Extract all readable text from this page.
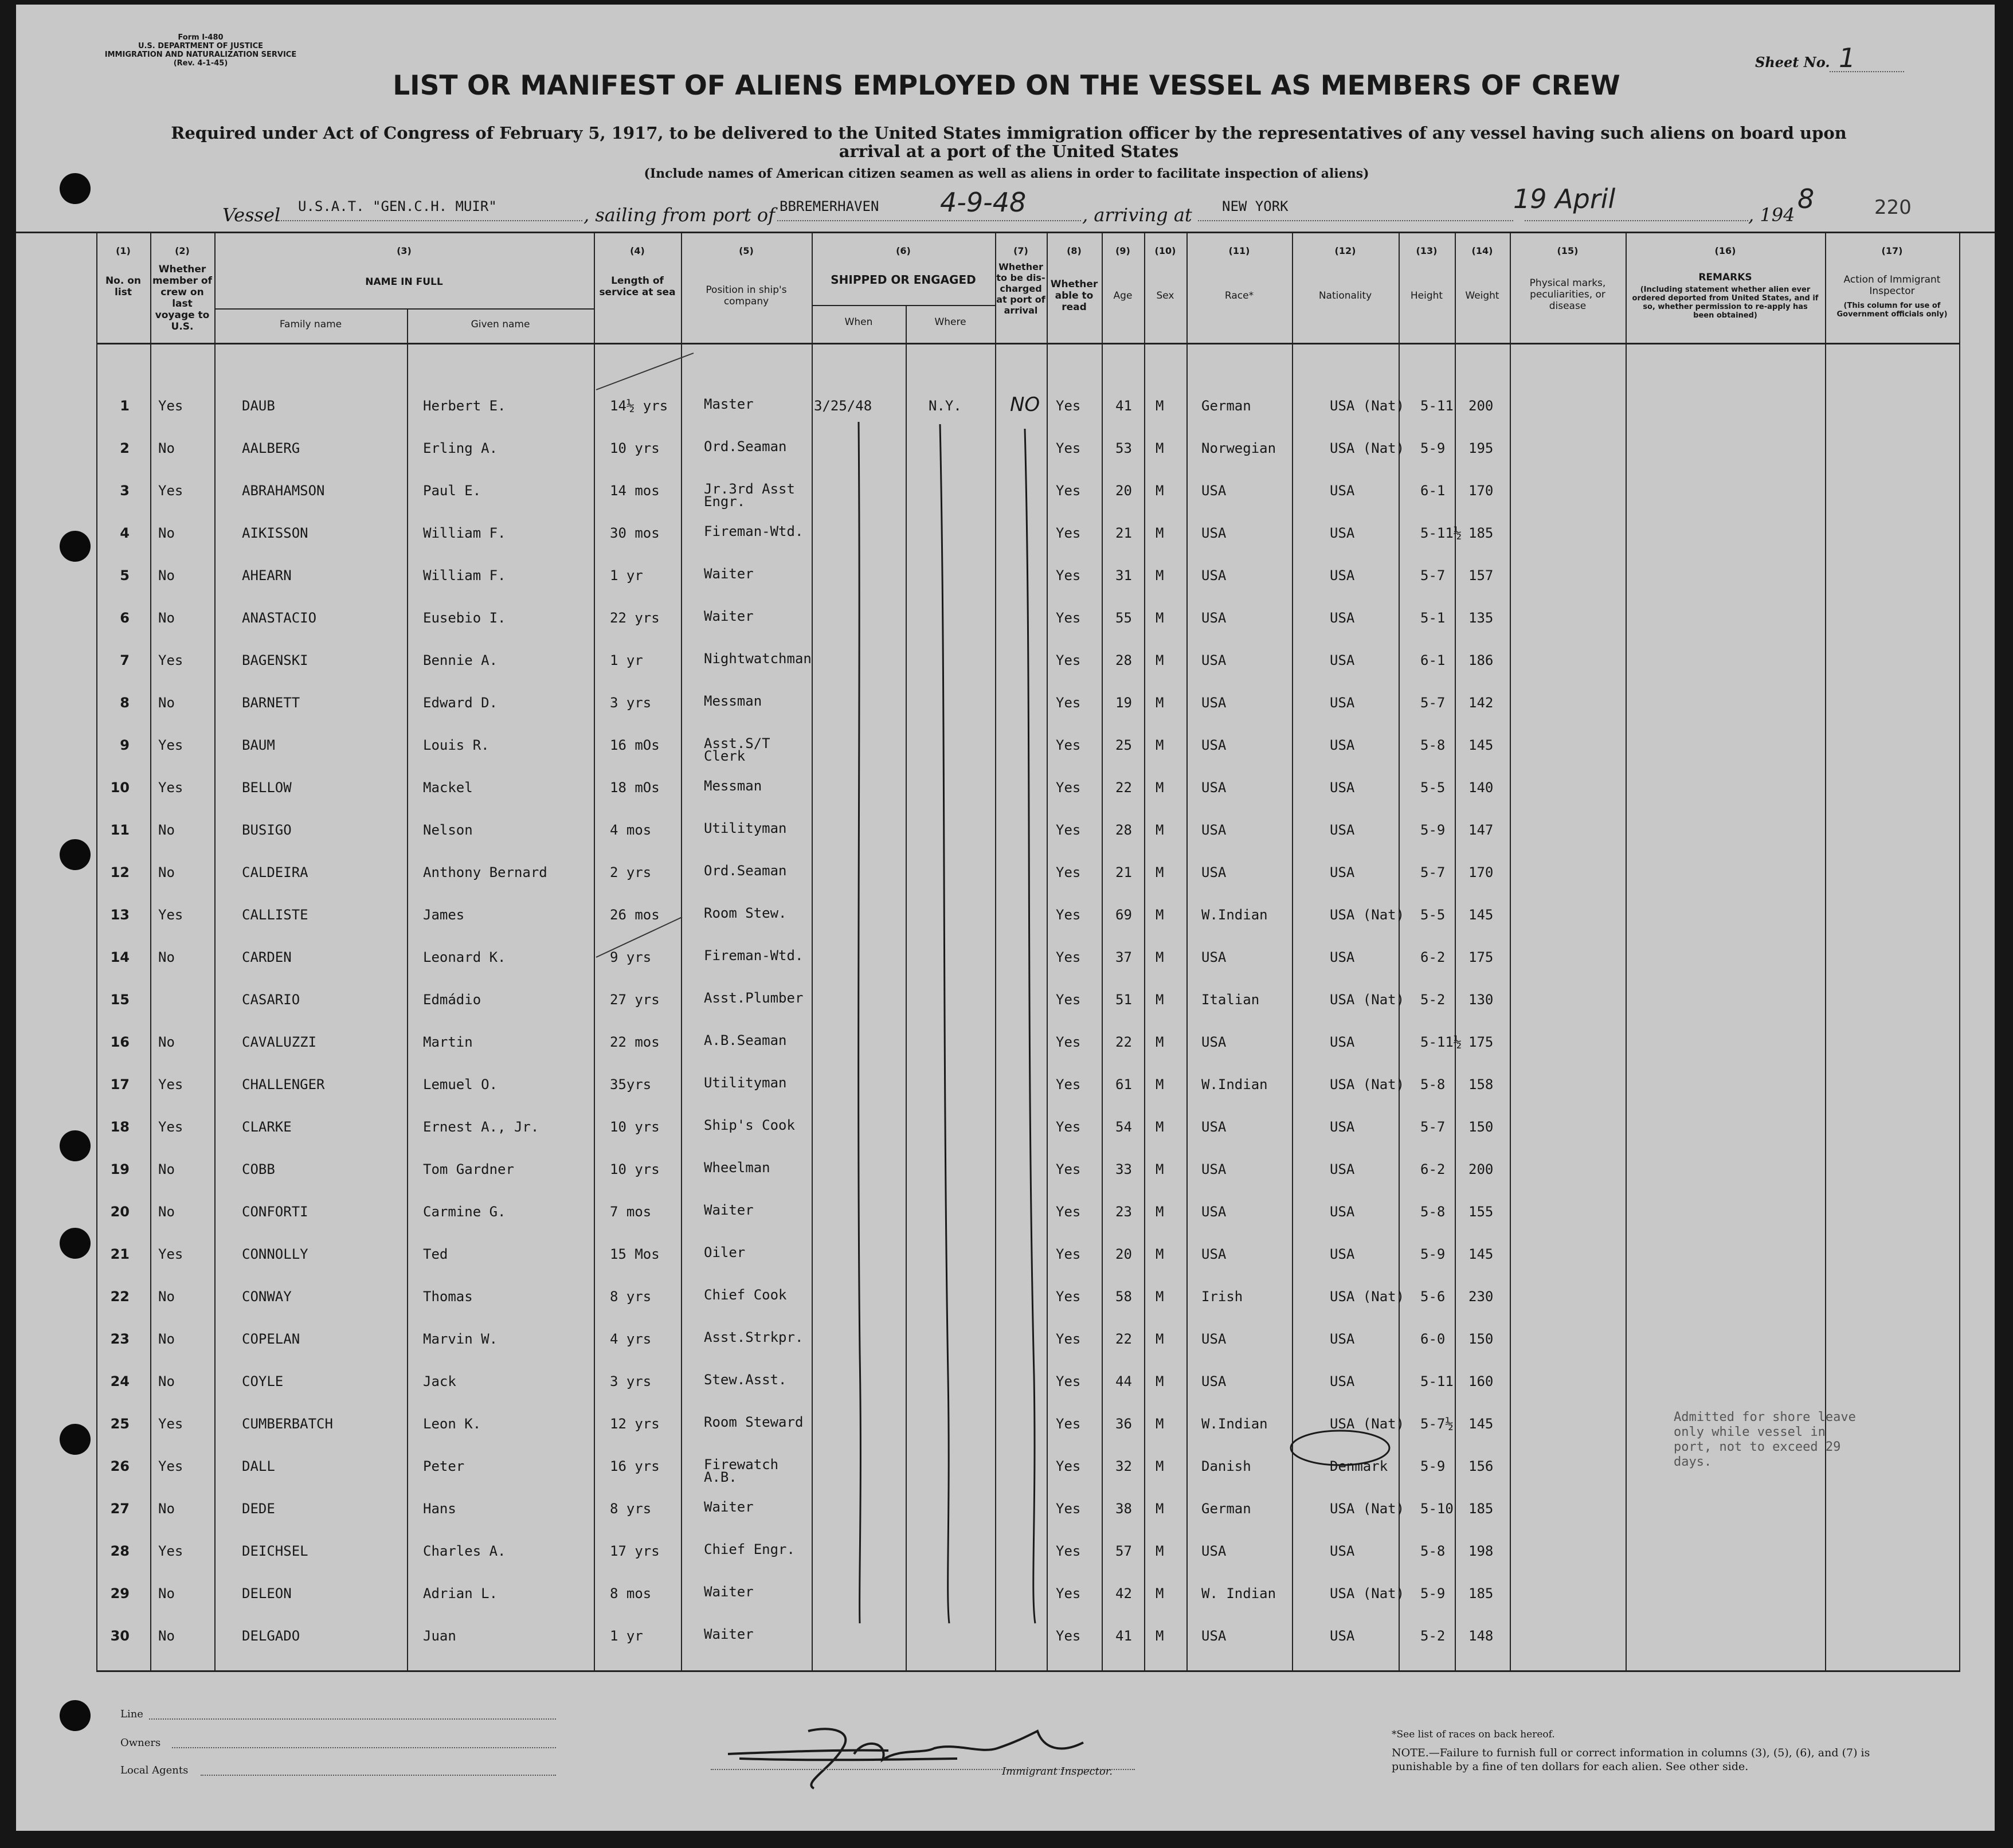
Form I-480
U.S. DEPARTMENT OF JUSTICE
IMMIGRATION AND NATURALIZATION SERVICE
(Rev. 4-1-45)	Sheet No. 1
LIST OR MANIFEST OF ALIENS EMPLOYED ON THE VESSEL AS MEMBERS OF CREW
Required under Act of Congress of February 5, 1917, to be delivered to the United States immigration officer by the representatives of any vessel having such aliens on board upon arrival at a port of the United States
(Include names of American citizen seamen as well as aliens in order to facilitate inspection of aliens)
Vessel U.S.A.T. "GEN.C.H. MUIR"	, sailing from port of BBREMERHAVEN 4-9-48	, arriving at NEW YORK	19 April
, 194
8	220
(1)
No. on list
(2)
Whether member of crew on last voyage to U.S.
(3)
NAME IN FULL
Family name	Given name
(4)
Length of service at sea
(5)
Position in ship's company
(6)
SHIPPED OR ENGAGED
When	Where
(7)
Whether to be dis-charged at port of arrival
(8)
Whether able to read
(9)
Age
(10)
Sex
(11)
Race*
(12)
Nationality
(13)
Height
(14)
Weight
(15)
Physical marks, peculiarities, or disease
(16)
REMARKS
(Including statement whether alien ever ordered deported from United States, and if so, whether permission to re-apply has been obtained)
(17)
Action of Immigrant Inspector
(This column for use of Government officials only)
1 Yes	DAUB	Herbert E.	14½ yrs	Master	3/25/48	N.Y. NO Yes	41 M	German	USA (Nat) 5-11 200
2 No	AALBERG	Erling A.	10 yrs	Ord.Seaman	Yes	53 M	Norwegian	USA (Nat) 5-9 195
3 Yes	ABRAHAMSON	Paul E.	14 mos	Jr.3rd Asst Engr.
Yes	20 M	USA	USA	6-1 170
4 No	AIKISSON	William F.	30 mos	Fireman-Wtd.	Yes	21 M	USA	USA	5-11½ 185
5 No	AHEARN	William F.	1 yr	Waiter	Yes	31 M	USA	USA	5-7 157
6 No	ANASTACIO	Eusebio I.	22 yrs	Waiter	Yes	55 M	USA	USA	5-1 135
7 Yes	BAGENSKI	Bennie A.	1 yr	Nightwatchman	Yes	28 M	USA	USA	6-1 186
8 No	BARNETT	Edward D.	3 yrs	Messman	Yes	19 M	USA	USA	5-7 142
9 Yes	BAUM	Louis R.	16 mOs	Asst.S/T Clerk
Yes	25 M	USA	USA	5-8 145
10 Yes	BELLOW	Mackel	18 mOs	Messman	Yes	22 M	USA	USA	5-5 140
11 No	BUSIGO	Nelson	4 mos	Utilityman	Yes	28 M	USA	USA	5-9 147
12 No	CALDEIRA	Anthony Bernard	2 yrs	Ord.Seaman	Yes	21 M	USA	USA	5-7 170
13 Yes	CALLISTE	James	26 mos	Room Stew.	Yes	69 M	W.Indian	USA (Nat) 5-5 145
14 No	CARDEN	Leonard K.	9 yrs	Fireman-Wtd.	Yes	37 M	USA	USA	6-2 175
15	CASARIO	Edmádio	27 yrs	Asst.Plumber	Yes	51 M	Italian	USA (Nat) 5-2 130
16 No	CAVALUZZI	Martin	22 mos	A.B.Seaman	Yes	22 M	USA	USA	5-11½ 175
17 Yes	CHALLENGER	Lemuel O.	35yrs	Utilityman	Yes	61 M	W.Indian	USA (Nat) 5-8 158
18 Yes	CLARKE	Ernest A., Jr.	10 yrs	Ship's Cook	Yes	54 M	USA	USA	5-7 150
19 No	COBB	Tom Gardner	10 yrs	Wheelman	Yes	33 M	USA	USA	6-2 200
20 No	CONFORTI	Carmine G.	7 mos	Waiter	Yes	23 M	USA	USA	5-8 155
21 Yes	CONNOLLY	Ted	15 Mos	Oiler	Yes	20 M	USA	USA	5-9 145
22 No	CONWAY	Thomas	8 yrs	Chief Cook	Yes	58 M	Irish	USA (Nat) 5-6 230
23 No	COPELAN	Marvin W.	4 yrs	Asst.Strkpr.	Yes	22 M	USA	USA	6-0 150
24 No	COYLE	Jack	3 yrs	Stew.Asst.	Yes	44 M	USA	USA	5-11 160
25 Yes	CUMBERBATCH	Leon K.	12 yrs	Room Steward	Yes	36 M	W.Indian	USA (Nat) 5-7½ 145
26 Yes	DALL	Peter	16 yrs	Firewatch A.B.
Yes	32 M	Danish	Denmark 5-9 156
27 No	DEDE	Hans	8 yrs	Waiter	Yes	38 M	German	USA (Nat) 5-10 185
28 Yes	DEICHSEL	Charles A.	17 yrs	Chief Engr.	Yes	57 M	USA	USA	5-8 198
29 No	DELEON	Adrian L.	8 mos	Waiter	Yes	42 M	W. Indian	USA (Nat) 5-9 185
30 No	DELGADO	Juan	1 yr	Waiter	Yes	41 M	USA	USA	5-2 148
Admitted for shore leave only while vessel in port, not to exceed 29 days.
Line
Owners
Local Agents	Immigrant Inspector.
*See list of races on back hereof.
NOTE.—Failure to furnish full or correct information in columns (3), (5), (6), and (7) is punishable by a fine of ten dollars for each alien. See other side.
